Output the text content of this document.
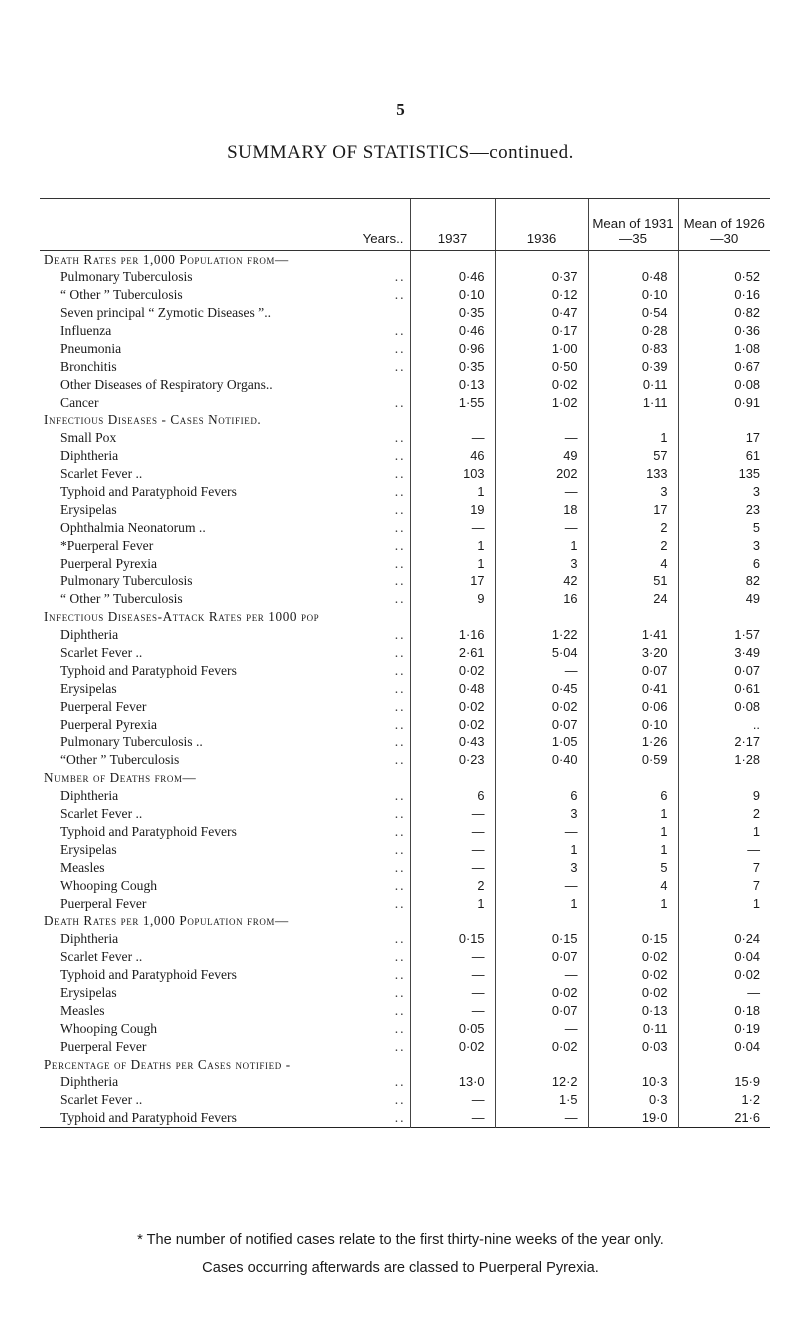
5
SUMMARY OF STATISTICS—continued.
Years..	1937	1936	Mean of 1931—35	Mean of 1926—30
Death Rates per 1,000 Population from—				

..
Pulmonary Tuberculosis	0·46	0·37	0·48	0·52

..
“ Other ” Tuberculosis	0·10	0·12	0·10	0·16

Seven principal “ Zymotic Diseases ”..	0·35	0·47	0·54	0·82

..
Influenza	0·46	0·17	0·28	0·36

..
Pneumonia	0·96	1·00	0·83	1·08

..
Bronchitis	0·35	0·50	0·39	0·67

Other Diseases of Respiratory Organs..	0·13	0·02	0·11	0·08

..
Cancer	1·55	1·02	1·11	0·91
Infectious Diseases - Cases Notified.				

..
Small Pox	—	—	1	17

..
Diphtheria	46	49	57	61

..
Scarlet Fever ..	103	202	133	135

..
Typhoid and Paratyphoid Fevers	1	—	3	3

..
Erysipelas	19	18	17	23

..
Ophthalmia Neonatorum ..	—	—	2	5

..
*Puerperal Fever	1	1	2	3

..
Puerperal Pyrexia	1	3	4	6

..
Pulmonary Tuberculosis	17	42	51	82

..
“ Other ” Tuberculosis	9	16	24	49
Infectious Diseases-Attack Rates per 1000 pop				

..
Diphtheria	1·16	1·22	1·41	1·57

..
Scarlet Fever ..	2·61	5·04	3·20	3·49

..
Typhoid and Paratyphoid Fevers	0·02	—	0·07	0·07

..
Erysipelas	0·48	0·45	0·41	0·61

..
Puerperal Fever	0·02	0·02	0·06	0·08

..
Puerperal Pyrexia	0·02	0·07	0·10	..

..
Pulmonary Tuberculosis ..	0·43	1·05	1·26	2·17

..
“Other ” Tuberculosis	0·23	0·40	0·59	1·28
Number of Deaths from—				

..
Diphtheria	6	6	6	9

..
Scarlet Fever ..	—	3	1	2

..
Typhoid and Paratyphoid Fevers	—	—	1	1

..
Erysipelas	—	1	1	—

..
Measles	—	3	5	7

..
Whooping Cough	2	—	4	7

..
Puerperal Fever	1	1	1	1
Death Rates per 1,000 Population from—				

..
Diphtheria	0·15	0·15	0·15	0·24

..
Scarlet Fever ..	—	0·07	0·02	0·04

..
Typhoid and Paratyphoid Fevers	—	—	0·02	0·02

..
Erysipelas	—	0·02	0·02	—

..
Measles	—	0·07	0·13	0·18

..
Whooping Cough	0·05	—	0·11	0·19

..
Puerperal Fever	0·02	0·02	0·03	0·04
Percentage of Deaths per Cases notified -				

..
Diphtheria	13·0	12·2	10·3	15·9

..
Scarlet Fever ..	—	1·5	0·3	1·2

..
Typhoid and Paratyphoid Fevers	—	—	19·0	21·6
* The number of notified cases relate to the first thirty-nine weeks of the year only.
Cases occurring afterwards are classed to Puerperal Pyrexia.
